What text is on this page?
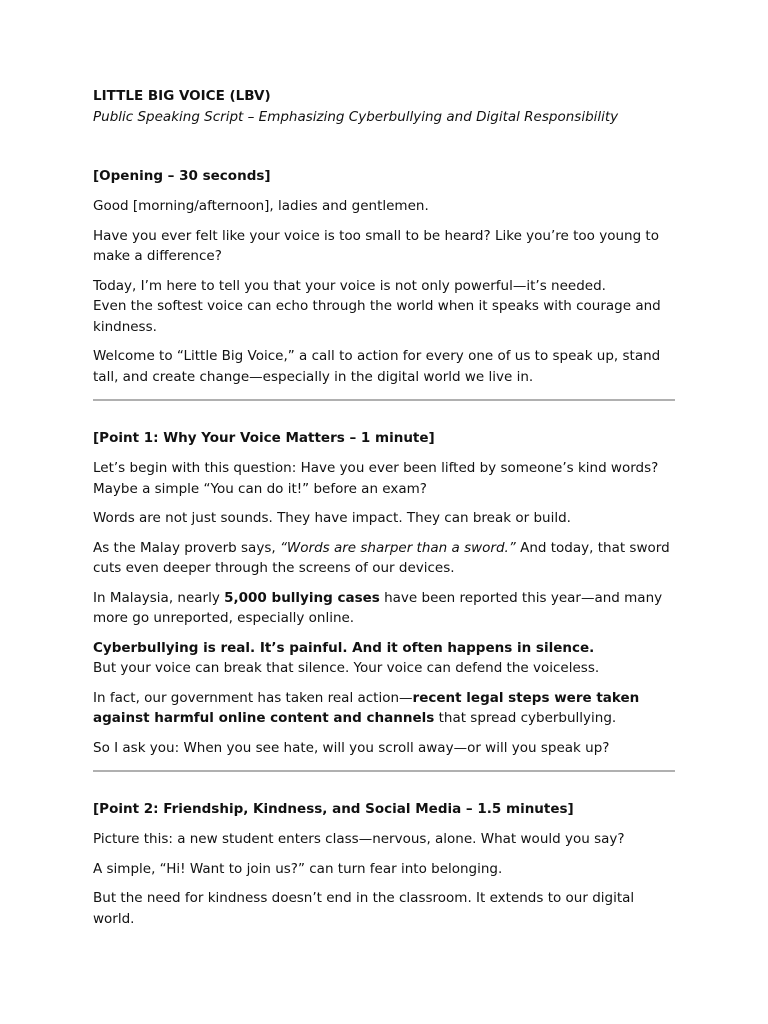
LITTLE BIG VOICE (LBV)
Public Speaking Script – Emphasizing Cyberbullying and Digital Responsibility
[Opening – 30 seconds]

Good [morning/afternoon], ladies and gentlemen.

Have you ever felt like your voice is too small to be heard? Like you’re too young to make a difference?

Today, I’m here to tell you that your voice is not only powerful—it’s needed.

Even the softest voice can echo through the world when it speaks with courage and kindness.

Welcome to “Little Big Voice,” a call to action for every one of us to speak up, stand tall, and create change—especially in the digital world we live in.

[Point 1: Why Your Voice Matters – 1 minute]

Let’s begin with this question: Have you ever been lifted by someone’s kind words? Maybe a simple “You can do it!” before an exam?

Words are not just sounds. They have impact. They can break or build.

As the Malay proverb says, “Words are sharper than a sword.” And today, that sword cuts even deeper through the screens of our devices.

In Malaysia, nearly 5,000 bullying cases have been reported this year—and many more go unreported, especially online.

Cyberbullying is real. It’s painful. And it often happens in silence.

But your voice can break that silence. Your voice can defend the voiceless.

In fact, our government has taken real action—recent legal steps were taken against harmful online content and channels that spread cyberbullying.

So I ask you: When you see hate, will you scroll away—or will you speak up?

[Point 2: Friendship, Kindness, and Social Media – 1.5 minutes]

Picture this: a new student enters class—nervous, alone. What would you say?

A simple, “Hi! Want to join us?” can turn fear into belonging.

But the need for kindness doesn’t end in the classroom. It extends to our digital world.
